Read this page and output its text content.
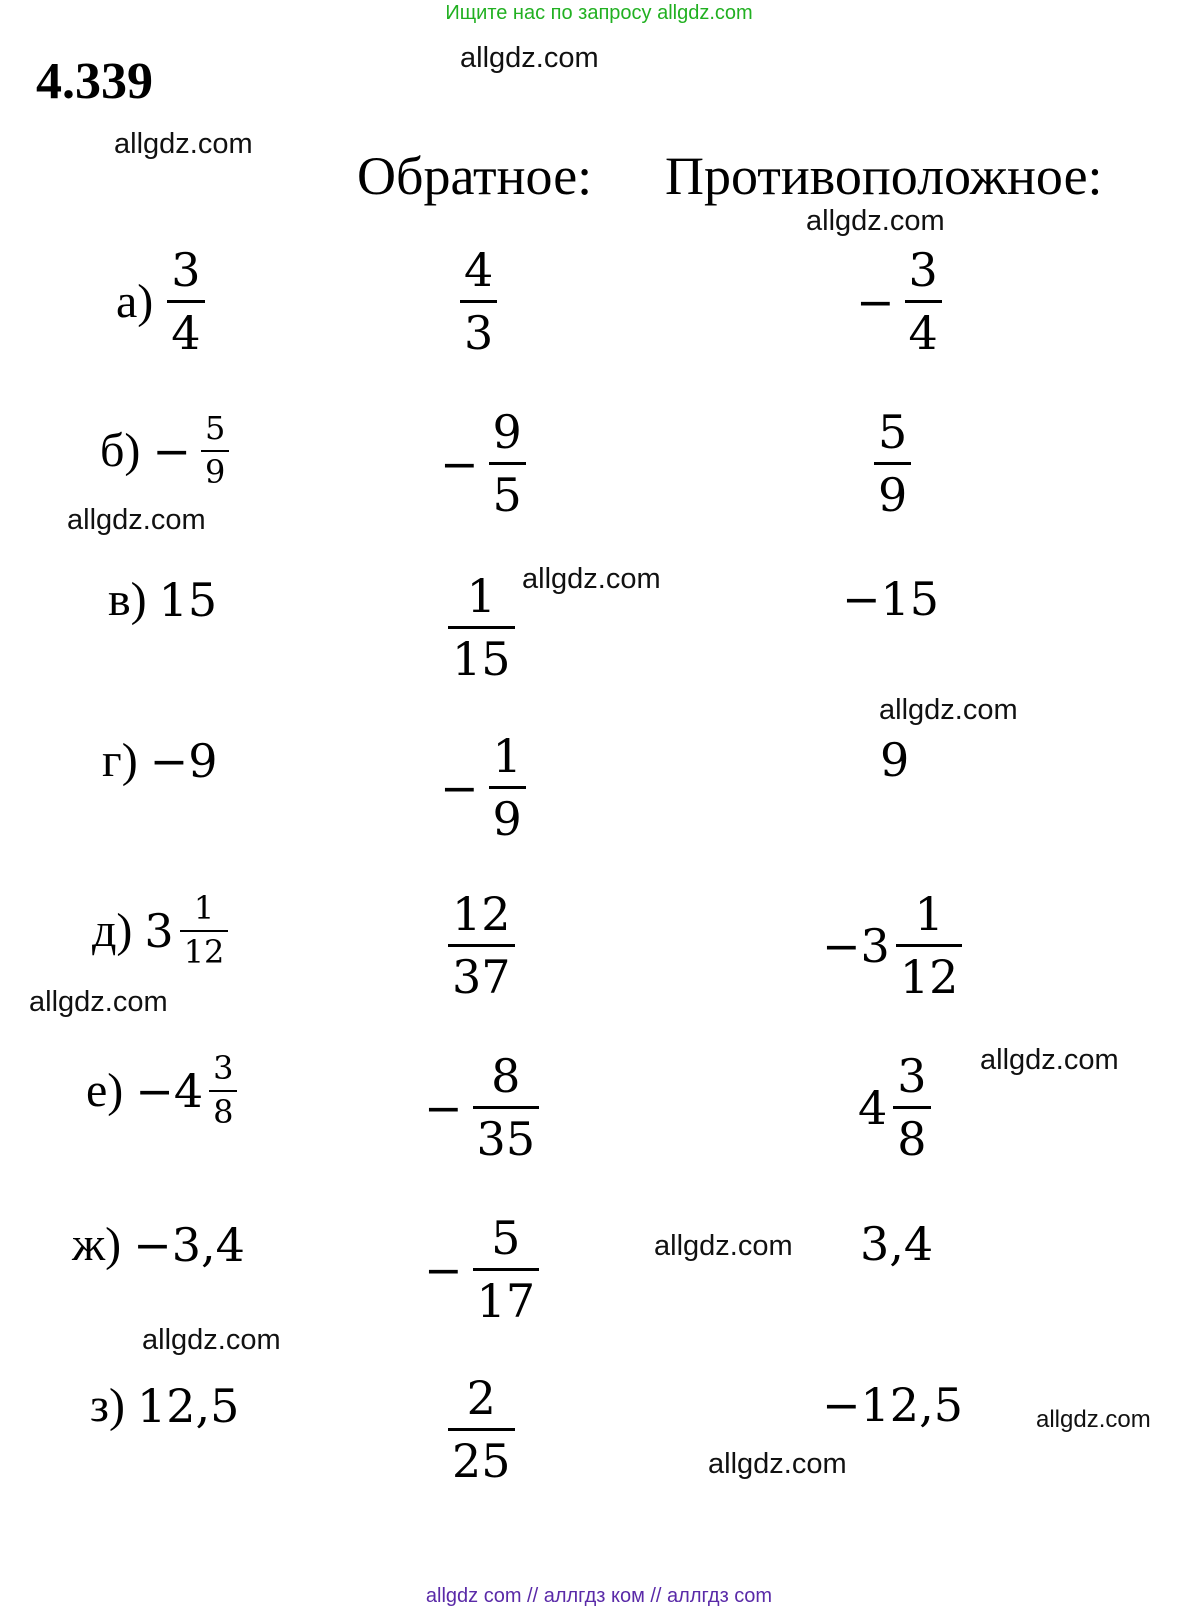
Ищите нас по запросу allgdz.com
4.339
Обратное: Противоположное:
allgdz.com
allgdz.com
allgdz.com
allgdz.com
allgdz.com
allgdz.com
allgdz.com
allgdz.com
allgdz.com
allgdz.com
allgdz.com
allgdz.com
$а) \frac{3}{4}$	$\frac{4}{3}$	− $\frac{3}{4}$
$б) - \frac{5}{9}$	− $\frac{9}{5}$	$\frac{5}{9}$
в) 15	$\frac{1}{15}$	−15
г) −9	− $\frac{1}{9}$	9
д) $3 \frac{1}{12}$	$\frac{12}{37}$	$-3 \frac{1}{12}$
$е) -4 \frac{3}{8}$	− $\frac{8}{35}$	$4 \frac{3}{8}$
ж) −3,4	− $\frac{5}{17}$	3,4
з) 12,5	$\frac{2}{25}$	−12,5
allgdz com // аллгдз ком // аллгдз com
